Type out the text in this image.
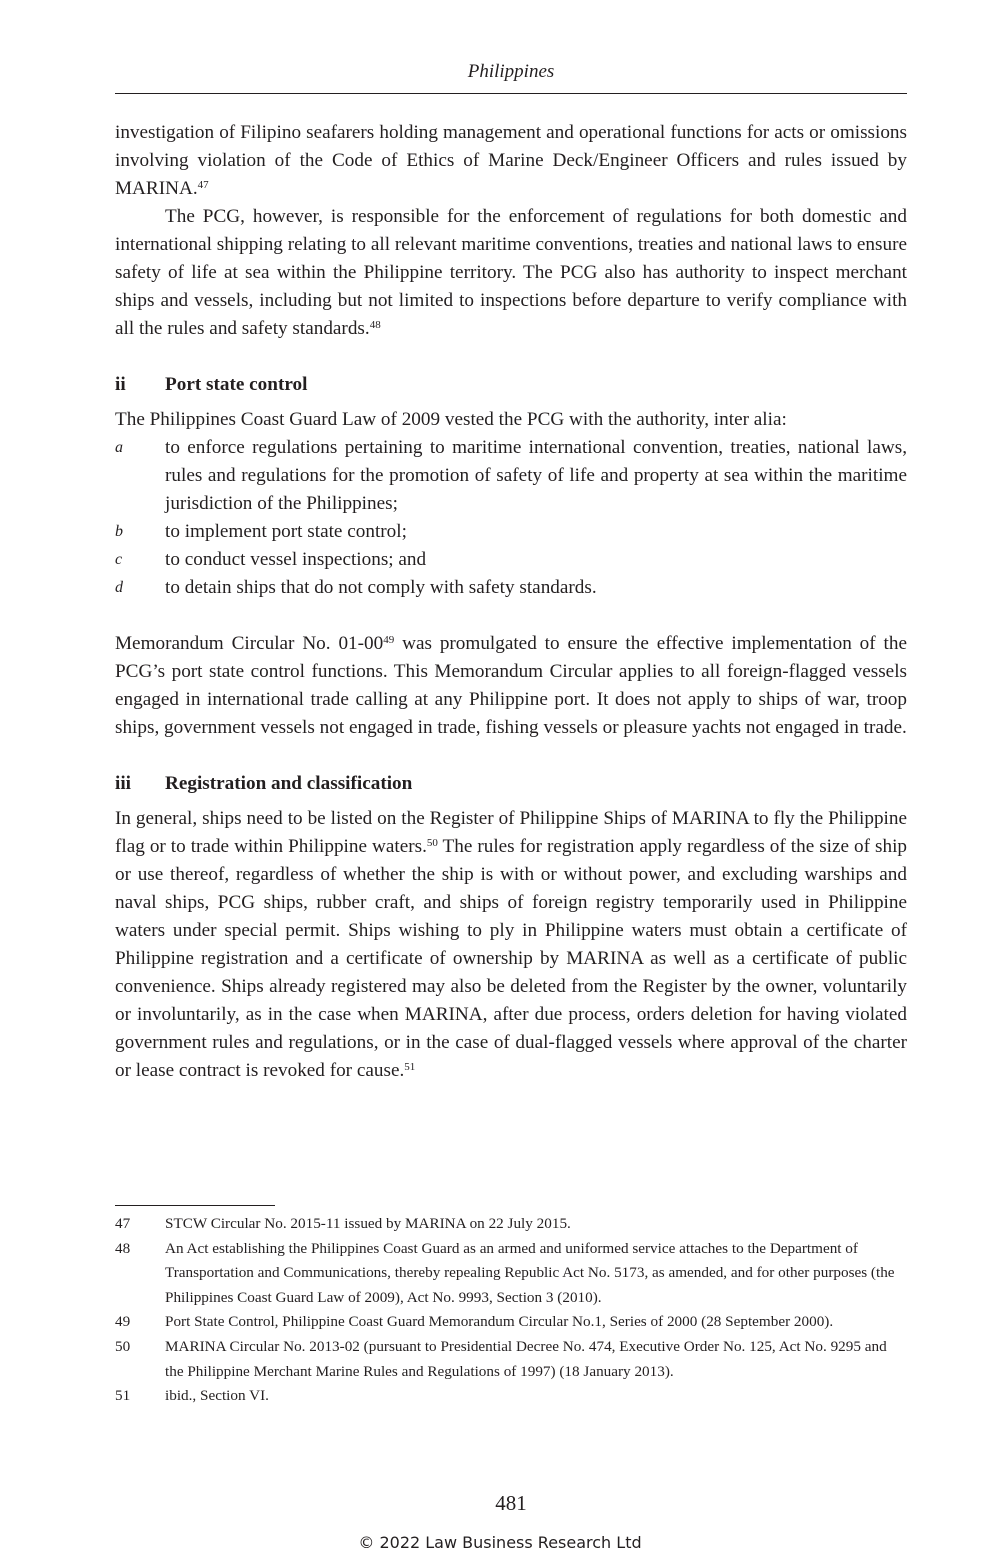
Philippines

investigation of Filipino seafarers holding management and operational functions for acts or omissions involving violation of the Code of Ethics of Marine Deck/Engineer Officers and rules issued by MARINA.$^{47}$

The PCG, however, is responsible for the enforcement of regulations for both domestic and international shipping relating to all relevant maritime conventions, treaties and national laws to ensure safety of life at sea within the Philippine territory. The PCG also has authority to inspect merchant ships and vessels, including but not limited to inspections before departure to verify compliance with all the rules and safety standards.$^{48}$

ii	Port state control

The Philippines Coast Guard Law of 2009 vested the PCG with the authority, inter alia:

a	to enforce regulations pertaining to maritime international convention, treaties, national laws, rules and regulations for the promotion of safety of life and property at sea within the maritime jurisdiction of the Philippines;
b	to implement port state control;
c	to conduct vessel inspections; and
d	to detain ships that do not comply with safety standards.

Memorandum Circular No. $01-00^{49}$ was promulgated to ensure the effective implementation of the PCG’s port state control functions. This Memorandum Circular applies to all foreign-flagged vessels engaged in international trade calling at any Philippine port. It does not apply to ships of war, troop ships, government vessels not engaged in trade, fishing vessels or pleasure yachts not engaged in trade.

iii	Registration and classification

In general, ships need to be listed on the Register of Philippine Ships of MARINA to fly the Philippine flag or to trade within Philippine waters.$^{50}$ The rules for registration apply regardless of the size of ship or use thereof, regardless of whether the ship is with or without power, and excluding warships and naval ships, PCG ships, rubber craft, and ships of foreign registry temporarily used in Philippine waters under special permit. Ships wishing to ply in Philippine waters must obtain a certificate of Philippine registration and a certificate of ownership by MARINA as well as a certificate of public convenience. Ships already registered may also be deleted from the Register by the owner, voluntarily or involuntarily, as in the case when MARINA, after due process, orders deletion for having violated government rules and regulations, or in the case of dual-flagged vessels where approval of the charter or lease contract is revoked for cause.$^{51}$

47	STCW Circular No. 2015-11 issued by MARINA on 22 July 2015.
48	An Act establishing the Philippines Coast Guard as an armed and uniformed service attaches to the Department of Transportation and Communications, thereby repealing Republic Act No. 5173, as amended, and for other purposes (the Philippines Coast Guard Law of 2009), Act No. 9993, Section 3 (2010).
49	Port State Control, Philippine Coast Guard Memorandum Circular No.1, Series of 2000 (28 September 2000).
50	MARINA Circular No. 2013-02 (pursuant to Presidential Decree No. 474, Executive Order No. 125, Act No. 9295 and the Philippine Merchant Marine Rules and Regulations of 1997) (18 January 2013).
51	ibid., Section VI.
481
© 2022 Law Business Research Ltd
